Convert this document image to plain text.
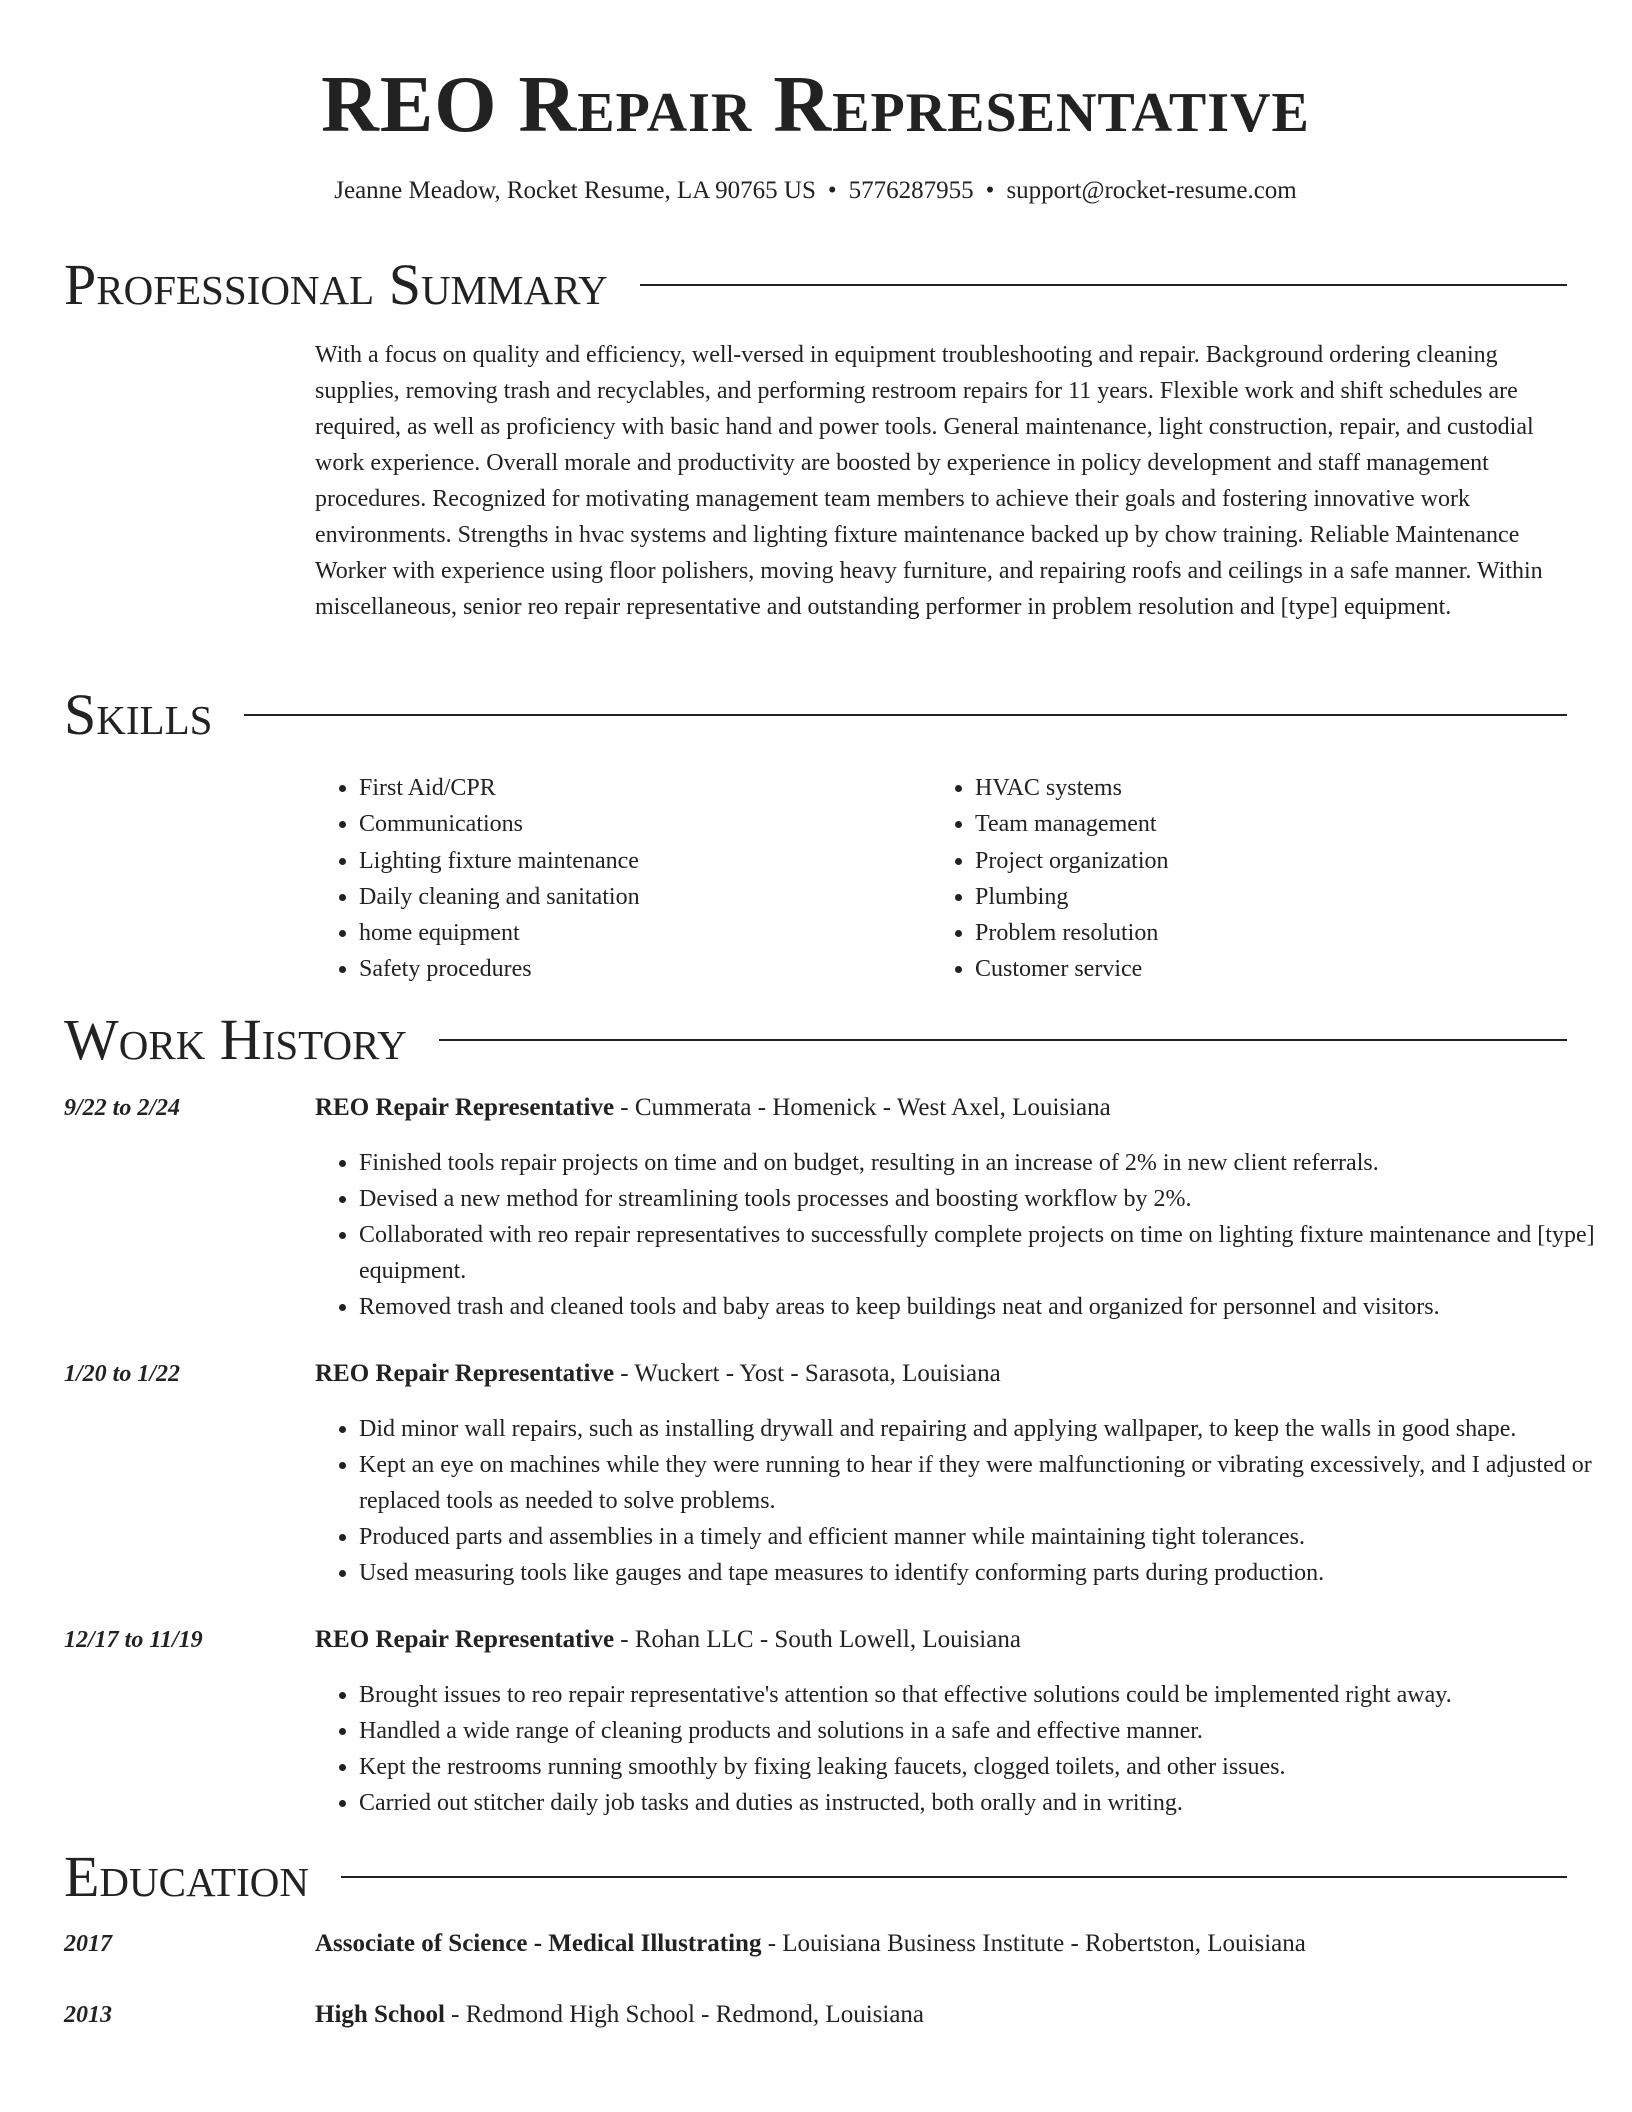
REO Repair Representative
Jeanne Meadow, Rocket Resume, LA 90765 US • 5776287955 • support@rocket-resume.com
Professional Summary

With a focus on quality and efficiency, well-versed in equipment troubleshooting and repair. Background ordering cleaning supplies, removing trash and recyclables, and performing restroom repairs for 11 years. Flexible work and shift schedules are required, as well as proficiency with basic hand and power tools. General maintenance, light construction, repair, and custodial work experience. Overall morale and productivity are boosted by experience in policy development and staff management procedures. Recognized for motivating management team members to achieve their goals and fostering innovative work environments. Strengths in hvac systems and lighting fixture maintenance backed up by chow training. Reliable Maintenance Worker with experience using floor polishers, moving heavy furniture, and repairing roofs and ceilings in a safe manner. Within miscellaneous, senior reo repair representative and outstanding performer in problem resolution and [type] equipment.

Skills
• First Aid/CPR
• Communications
• Lighting fixture maintenance
• Daily cleaning and sanitation
• home equipment
• Safety procedures
• HVAC systems
• Team management
• Project organization
• Plumbing
• Problem resolution
• Customer service
Work History
9/22 to 2/24	REO Repair Representative - Cummerata - Homenick - West Axel, Louisiana
• Finished tools repair projects on time and on budget, resulting in an increase of 2% in new client referrals.
• Devised a new method for streamlining tools processes and boosting workflow by 2%.
• Collaborated with reo repair representatives to successfully complete projects on time on lighting fixture maintenance and [type] equipment.
• Removed trash and cleaned tools and baby areas to keep buildings neat and organized for personnel and visitors.
1/20 to 1/22	REO Repair Representative - Wuckert - Yost - Sarasota, Louisiana
• Did minor wall repairs, such as installing drywall and repairing and applying wallpaper, to keep the walls in good shape.
• Kept an eye on machines while they were running to hear if they were malfunctioning or vibrating excessively, and I adjusted or replaced tools as needed to solve problems.
• Produced parts and assemblies in a timely and efficient manner while maintaining tight tolerances.
• Used measuring tools like gauges and tape measures to identify conforming parts during production.
12/17 to 11/19	REO Repair Representative - Rohan LLC - South Lowell, Louisiana
• Brought issues to reo repair representative's attention so that effective solutions could be implemented right away.
• Handled a wide range of cleaning products and solutions in a safe and effective manner.
• Kept the restrooms running smoothly by fixing leaking faucets, clogged toilets, and other issues.
• Carried out stitcher daily job tasks and duties as instructed, both orally and in writing.
Education
2017	Associate of Science - Medical Illustrating - Louisiana Business Institute - Robertston, Louisiana
2013	High School - Redmond High School - Redmond, Louisiana
